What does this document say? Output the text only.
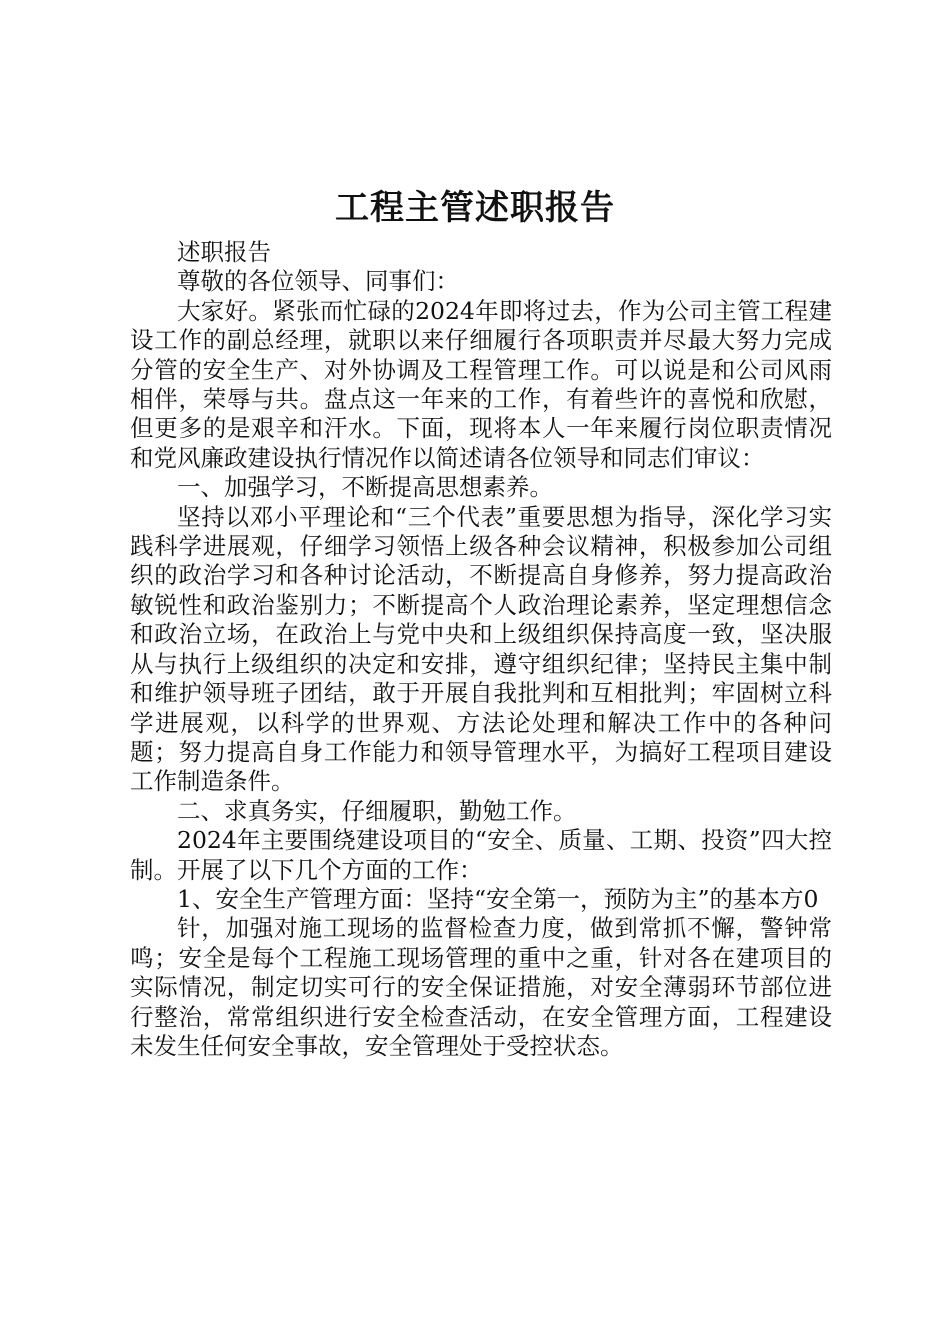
工程主管述职报告

述职报告

尊敬的各位领导、同事们：

大家好。紧张而忙碌的2024年即将过去，作为公司主管工程建设工作的副总经理，就职以来仔细履行各项职责并尽最大努力完成分管的安全生产、对外协调及工程管理工作。可以说是和公司风雨相伴，荣辱与共。盘点这一年来的工作，有着些许的喜悦和欣慰，但更多的是艰辛和汗水。下面，现将本人一年来履行岗位职责情况和党风廉政建设执行情况作以简述请各位领导和同志们审议：

一、加强学习，不断提高思想素养。

坚持以邓小平理论和“三个代表”重要思想为指导，深化学习实践科学进展观，仔细学习领悟上级各种会议精神，积极参加公司组织的政治学习和各种讨论活动，不断提高自身修养，努力提高政治敏锐性和政治鉴别力；不断提高个人政治理论素养，坚定理想信念和政治立场，在政治上与党中央和上级组织保持高度一致，坚决服从与执行上级组织的决定和安排，遵守组织纪律；坚持民主集中制和维护领导班子团结，敢于开展自我批判和互相批判；牢固树立科学进展观，以科学的世界观、方法论处理和解决工作中的各种问题；努力提高自身工作能力和领导管理水平，为搞好工程项目建设工作制造条件。

二、求真务实，仔细履职，勤勉工作。

2024年主要围绕建设项目的“安全、质量、工期、投资”四大控制。开展了以下几个方面的工作：

1、安全生产管理方面：坚持“安全第一，预防为主”的基本方0

针，加强对施工现场的监督检查力度，做到常抓不懈，警钟常鸣；安全是每个工程施工现场管理的重中之重，针对各在建项目的实际情况，制定切实可行的安全保证措施，对安全薄弱环节部位进行整治，常常组织进行安全检查活动，在安全管理方面，工程建设未发生任何安全事故，安全管理处于受控状态。
